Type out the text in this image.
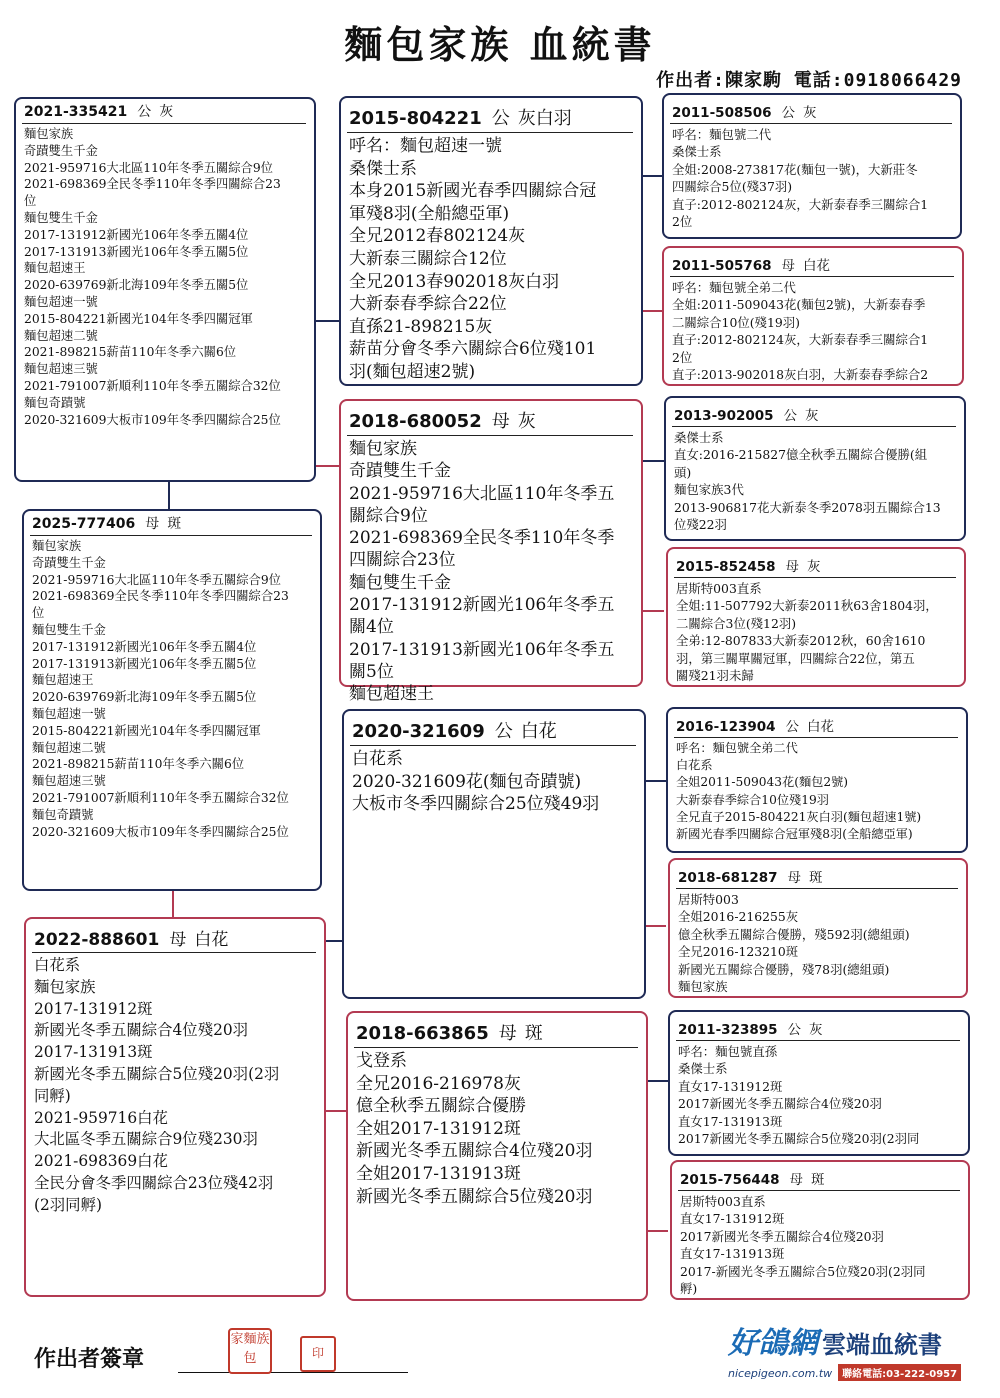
麵包家族 血統書
作出者:陳家駒 電話:0918066429
2021-335421 公 灰
麵包家族
奇蹟雙生千金
2021-959716大北區110年冬季五關綜合9位
2021-698369全民冬季110年冬季四關綜合23
位
麵包雙生千金
2017-131912新國光106年冬季五關4位
2017-131913新國光106年冬季五關5位
麵包超速王
2020-639769新北海109年冬季五關5位
麵包超速一號
2015-804221新國光104年冬季四關冠軍
麵包超速二號
2021-898215薪苗110年冬季六關6位
麵包超速三號
2021-791007新順利110年冬季五關綜合32位
麵包奇蹟號
2020-321609大板市109年冬季四關綜合25位
2025-777406 母 斑
麵包家族
奇蹟雙生千金
2021-959716大北區110年冬季五關綜合9位
2021-698369全民冬季110年冬季四關綜合23
位
麵包雙生千金
2017-131912新國光106年冬季五關4位
2017-131913新國光106年冬季五關5位
麵包超速王
2020-639769新北海109年冬季五關5位
麵包超速一號
2015-804221新國光104年冬季四關冠軍
麵包超速二號
2021-898215薪苗110年冬季六關6位
麵包超速三號
2021-791007新順利110年冬季五關綜合32位
麵包奇蹟號
2020-321609大板市109年冬季四關綜合25位
2022-888601 母 白花
白花系
麵包家族
2017-131912斑
新國光冬季五關綜合4位殘20羽
2017-131913斑
新國光冬季五關綜合5位殘20羽(2羽
同孵)
2021-959716白花
大北區冬季五關綜合9位殘230羽
2021-698369白花
全民分會冬季四關綜合23位殘42羽
(2羽同孵)
2015-804221 公 灰白羽
呼名：麵包超速一號
桑傑士系
本身2015新國光春季四關綜合冠
軍殘8羽(全船總亞軍)
全兄2012春802124灰
大新泰三關綜合12位
全兄2013春902018灰白羽
大新泰春季綜合22位
直孫21-898215灰
薪苗分會冬季六關綜合6位殘101
羽(麵包超速2號)
2018-680052 母 灰
麵包家族
奇蹟雙生千金
2021-959716大北區110年冬季五
關綜合9位
2021-698369全民冬季110年冬季
四關綜合23位
麵包雙生千金
2017-131912新國光106年冬季五
關4位
2017-131913新國光106年冬季五
關5位
麵包超速王
2020-321609 公 白花
白花系
2020-321609花(麵包奇蹟號)
大板市冬季四關綜合25位殘49羽
2018-663865 母 斑
戈登系
全兄2016-216978灰
億全秋季五關綜合優勝
全姐2017-131912斑
新國光冬季五關綜合4位殘20羽
全姐2017-131913斑
新國光冬季五關綜合5位殘20羽
2011-508506 公 灰
呼名：麵包號二代
桑傑士系
全姐:2008-273817花(麵包一號)，大新莊冬
四關綜合5位(殘37羽)
直子:2012-802124灰，大新泰春季三關綜合1
2位
2011-505768 母 白花
呼名：麵包號全弟二代
全姐:2011-509043花(麵包2號)，大新泰春季
二關綜合10位(殘19羽)
直子:2012-802124灰，大新泰春季三關綜合1
2位
直子:2013-902018灰白羽，大新泰春季綜合2
2013-902005 公 灰
桑傑士系
直女:2016-215827億全秋季五關綜合優勝(組
頭)
麵包家族3代
2013-906817花大新泰冬季2078羽五關綜合13
位殘22羽
2015-852458 母 灰
居斯特003直系
全姐:11-507792大新泰2011秋63舍1804羽，
二關綜合3位(殘12羽)
全弟:12-807833大新泰2012秋，60舍1610
羽，第三關單關冠軍，四關綜合22位，第五
關殘21羽未歸
2016-123904 公 白花
呼名：麵包號全弟二代
白花系
全姐2011-509043花(麵包2號)
大新泰春季綜合10位殘19羽
全兄直子2015-804221灰白羽(麵包超速1號)
新國光春季四關綜合冠軍殘8羽(全船總亞軍)
2018-681287 母 斑
居斯特003
全姐2016-216255灰
億全秋季五關綜合優勝，殘592羽(總組頭)
全兄2016-123210斑
新國光五關綜合優勝，殘78羽(總組頭)
麵包家族
2011-323895 公 灰
呼名：麵包號直孫
桑傑士系
直女17-131912斑
2017新國光冬季五關綜合4位殘20羽
直女17-131913斑
2017新國光冬季五關綜合5位殘20羽(2羽同
2015-756448 母 斑
居斯特003直系
直女17-131912斑
2017新國光冬季五關綜合4位殘20羽
直女17-131913斑
2017-新國光冬季五關綜合5位殘20羽(2羽同
孵)
作出者簽章
家麵族包	印	好鴿網 雲端血統書
nicepigeon.com.tw 聯絡電話:03-222-0957
